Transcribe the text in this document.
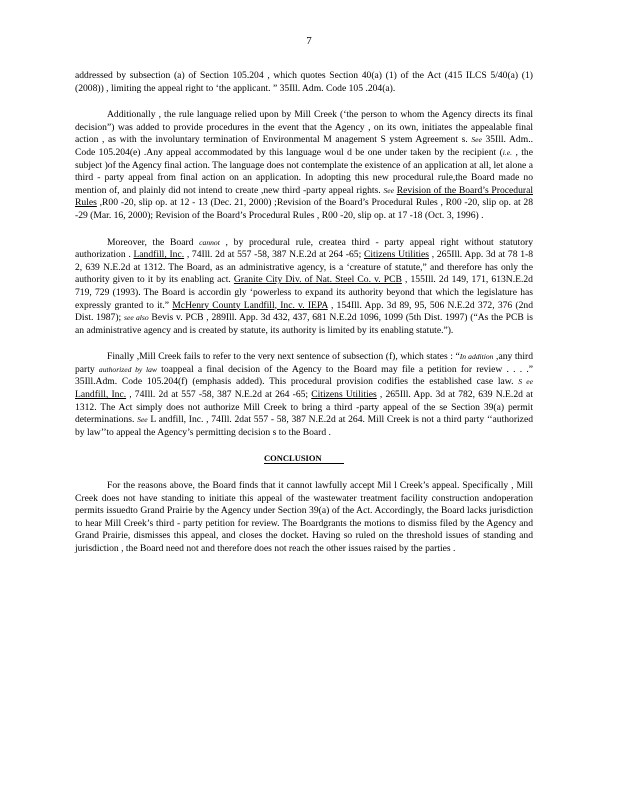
7

addressed by subsection (a) of Section 105.204 , which quotes Section 40(a) (1) of the Act (415 ILCS 5/40(a) (1) (2008)) , limiting the appeal right to ‘the applicant. ” 35Ill. Adm. Code 105 .204(a).

Additionally , the rule language relied upon by Mill Creek (‘the person to whom the Agency directs its final decision”) was added to provide procedures in the event that the Agency , on its own, initiates the appealable final action , as with the involuntary termination of Environmental M anagement S ystem Agreement s. See 35Ill. Adm.. Code 105.204(e) .Any appeal accommodated by this language woul d be one under taken by the recipient (i.e. , the subject )of the Agency final action. The language does not contemplate the existence of an application at all, let alone a third - party appeal from final action on an application. In adopting this new procedural rule,the Board made no mention of, and plainly did not intend to create ,new third -party appeal rights. See Revision of the Board’s Procedural Rules ,R00 -20, slip op. at 12 - 13 (Dec. 21, 2000) ;Revision of the Board’s Procedural Rules , R00 -20, slip op. at 28 -29 (Mar. 16, 2000); Revision of the Board’s Procedural Rules , R00 -20, slip op. at 17 -18 (Oct. 3, 1996) .

Moreover, the Board cannot , by procedural rule, createa third - party appeal right without statutory authorization . Landfill, Inc. , 74Ill. 2d at 557 -58, 387 N.E.2d at 264 -65; Citizens Utilities , 265Ill. App. 3d at 78 1-8 2, 639 N.E.2d at 1312. The Board, as an administrative agency, is a ‘creature of statute,” and therefore has only the authority given to it by its enabling act. Granite City Div. of Nat. Steel Co. v. PCB , 155Ill. 2d 149, 171, 613N.E.2d 719, 729 (1993). The Board is accordin gly ‘powerless to expand its authority beyond that which the legislature has expressly granted to it.” McHenry County Landfill, Inc. v. IEPA , 154Ill. App. 3d 89, 95, 506 N.E.2d 372, 376 (2nd Dist. 1987); see also Bevis v. PCB , 289Ill. App. 3d 432, 437, 681 N.E.2d 1096, 1099 (5th Dist. 1997) (“As the PCB is an administrative agency and is created by statute, its authority is limited by its enabling statute.”).

Finally ,Mill Creek fails to refer to the very next sentence of subsection (f), which states : “In addition ,any third party authorized by law toappeal a final decision of the Agency to the Board may file a petition for review . . . .” 35Ill.Adm. Code 105.204(f) (emphasis added). This procedural provision codifies the established case law. S ee Landfill, Inc. , 74Ill. 2d at 557 -58, 387 N.E.2d at 264 -65; Citizens Utilities , 265Ill. App. 3d at 782, 639 N.E.2d at 1312. The Act simply does not authorize Mill Creek to bring a third -party appeal of the se Section 39(a) permit determinations. See L andfill, Inc. , 74Ill. 2dat 557 - 58, 387 N.E.2d at 264. Mill Creek is not a third party ‘‘authorized by law’’to appeal the Agency’s permitting decision s to the Board .

CONCLUSION

For the reasons above, the Board finds that it cannot lawfully accept Mil l Creek’s appeal. Specifically , Mill Creek does not have standing to initiate this appeal of the wastewater treatment facility construction andoperation permits issuedto Grand Prairie by the Agency under Section 39(a) of the Act. Accordingly, the Board lacks jurisdiction to hear Mill Creek’s third - party petition for review. The Boardgrants the motions to dismiss filed by the Agency and Grand Prairie, dismisses this appeal, and closes the docket. Having so ruled on the threshold issues of standing and jurisdiction , the Board need not and therefore does not reach the other issues raised by the parties .
